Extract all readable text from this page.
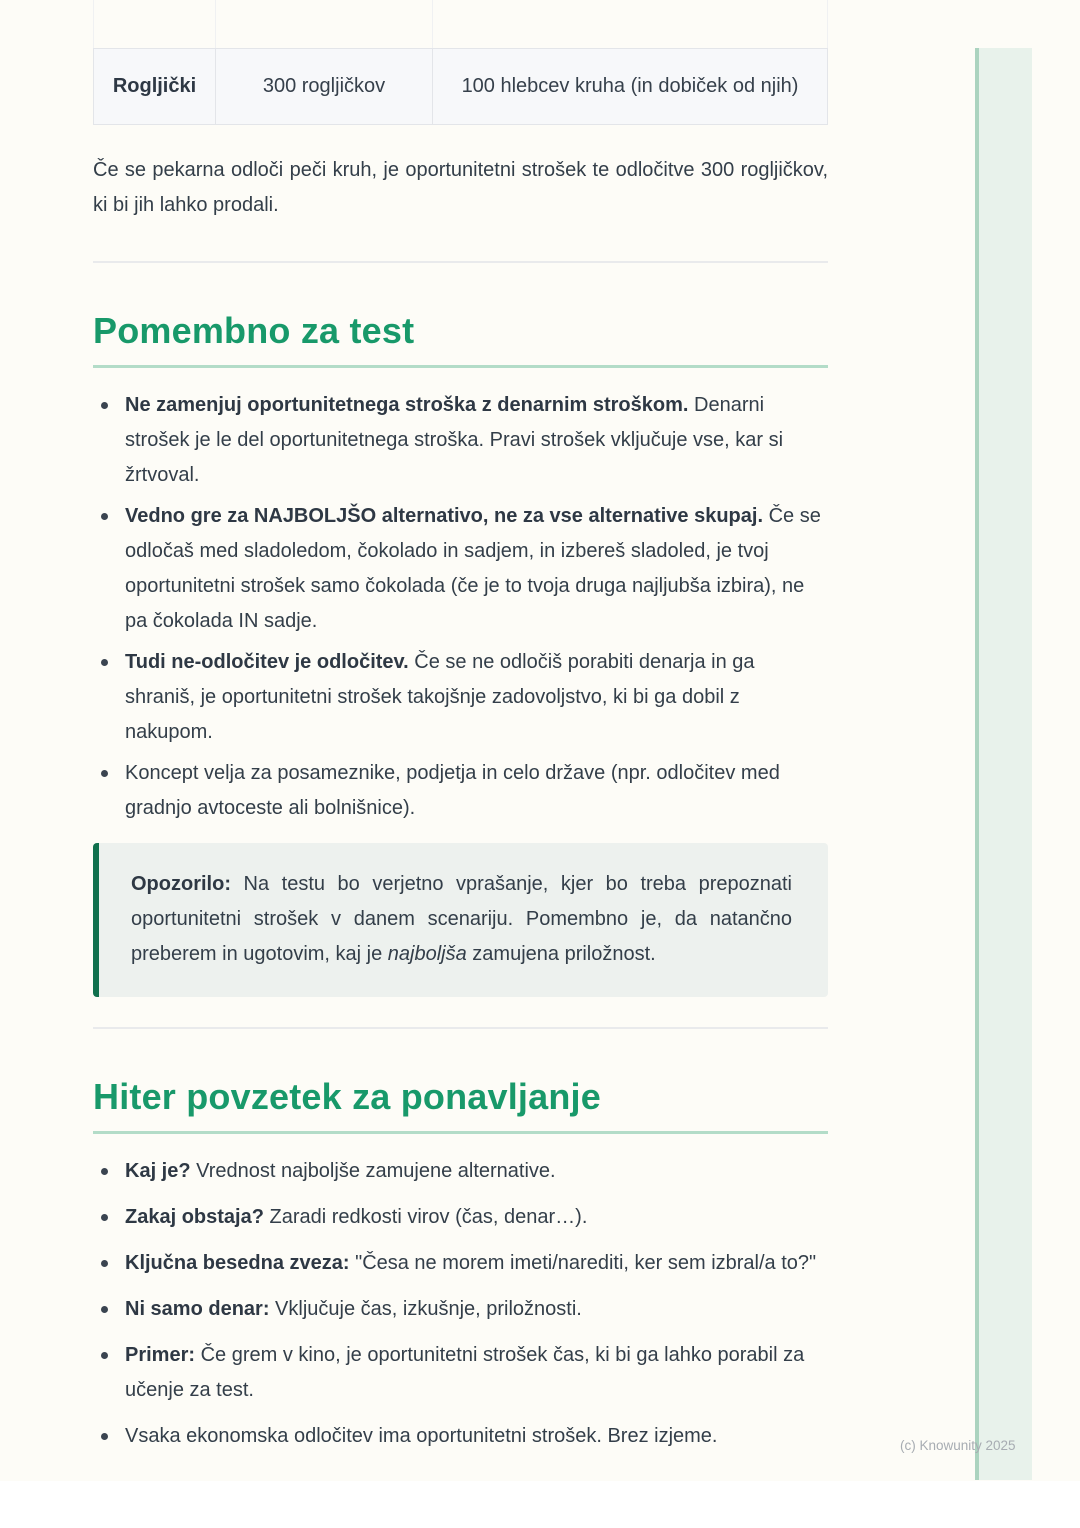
Rogljički	300 rogljičkov	100 hlebcev kruha (in dobiček od njih)

Če se pekarna odloči peči kruh, je oportunitetni strošek te odločitve 300 rogljičkov, ki bi jih lahko prodali.

Pomembno za test
Ne zamenjuj oportunitetnega stroška z denarnim stroškom. Denarni strošek je le del oportunitetnega stroška. Pravi strošek vključuje vse, kar si žrtvoval.
Vedno gre za NAJBOLJŠO alternativo, ne za vse alternative skupaj. Če se odločaš med sladoledom, čokolado in sadjem, in izbereš sladoled, je tvoj oportunitetni strošek samo čokolada (če je to tvoja druga najljubša izbira), ne pa čokolada IN sadje.
Tudi ne-odločitev je odločitev. Če se ne odločiš porabiti denarja in ga shraniš, je oportunitetni strošek takojšnje zadovoljstvo, ki bi ga dobil z nakupom.
Koncept velja za posameznike, podjetja in celo države (npr. odločitev med gradnjo avtoceste ali bolnišnice).
Opozorilo: Na testu bo verjetno vprašanje, kjer bo treba prepoznati oportunitetni strošek v danem scenariju. Pomembno je, da natančno preberem in ugotovim, kaj je najboljša zamujena priložnost.
Hiter povzetek za ponavljanje
Kaj je? Vrednost najboljše zamujene alternative.
Zakaj obstaja? Zaradi redkosti virov (čas, denar…).
Ključna besedna zveza: "Česa ne morem imeti/narediti, ker sem izbral/a to?"
Ni samo denar: Vključuje čas, izkušnje, priložnosti.
Primer: Če grem v kino, je oportunitetni strošek čas, ki bi ga lahko porabil za učenje za test.
Vsaka ekonomska odločitev ima oportunitetni strošek. Brez izjeme.	(c) Knowunity 2025
